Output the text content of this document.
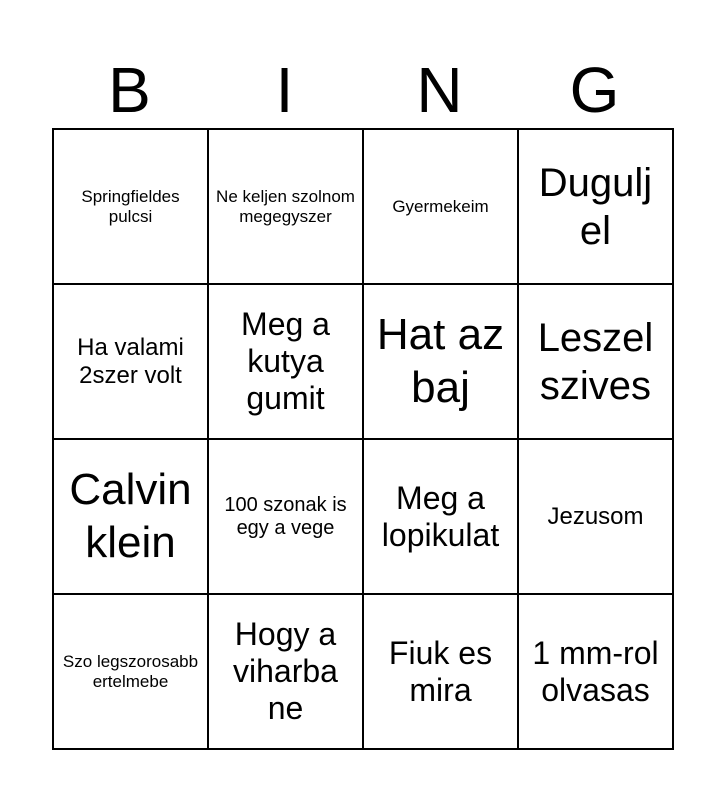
B	I	N	G
Springfieldes pulcsi	Ne keljen szolnom megegyszer	Gyermekeim	Dugulj el
Ha valami 2szer volt	Meg a kutya gumit	Hat az baj	Leszel szives
Calvin klein	100 szonak is egy a vege	Meg a lopikulat	Jezusom
Szo legszorosabb ertelmebe	Hogy a viharba ne	Fiuk es mira	1 mm-rol olvasas
